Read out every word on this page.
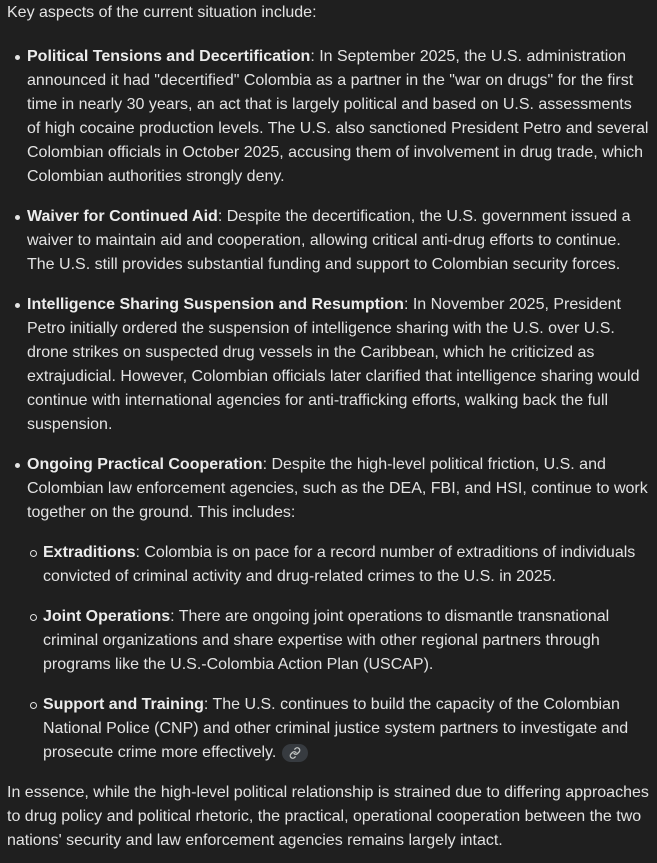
Key aspects of the current situation include:

Political Tensions and Decertification: In September 2025, the U.S. administration announced it had "decertified" Colombia as a partner in the "war on drugs" for the first time in nearly 30 years, an act that is largely political and based on U.S. assessments of high cocaine production levels. The U.S. also sanctioned President Petro and several Colombian officials in October 2025, accusing them of involvement in drug trade, which Colombian authorities strongly deny.
Waiver for Continued Aid: Despite the decertification, the U.S. government issued a waiver to maintain aid and cooperation, allowing critical anti-drug efforts to continue. The U.S. still provides substantial funding and support to Colombian security forces.
Intelligence Sharing Suspension and Resumption: In November 2025, President Petro initially ordered the suspension of intelligence sharing with the U.S. over U.S. drone strikes on suspected drug vessels in the Caribbean, which he criticized as extrajudicial. However, Colombian officials later clarified that intelligence sharing would continue with international agencies for anti-trafficking efforts, walking back the full suspension.
Ongoing Practical Cooperation: Despite the high-level political friction, U.S. and Colombian law enforcement agencies, such as the DEA, FBI, and HSI, continue to work together on the ground. This includes:
Extraditions: Colombia is on pace for a record number of extraditions of individuals convicted of criminal activity and drug-related crimes to the U.S. in 2025.
Joint Operations: There are ongoing joint operations to dismantle transnational criminal organizations and share expertise with other regional partners through programs like the U.S.-Colombia Action Plan (USCAP).
Support and Training: The U.S. continues to build the capacity of the Colombian National Police (CNP) and other criminal justice system partners to investigate and prosecute crime more effectively.

In essence, while the high-level political relationship is strained due to differing approaches to drug policy and political rhetoric, the practical, operational cooperation between the two nations' security and law enforcement agencies remains largely intact.
